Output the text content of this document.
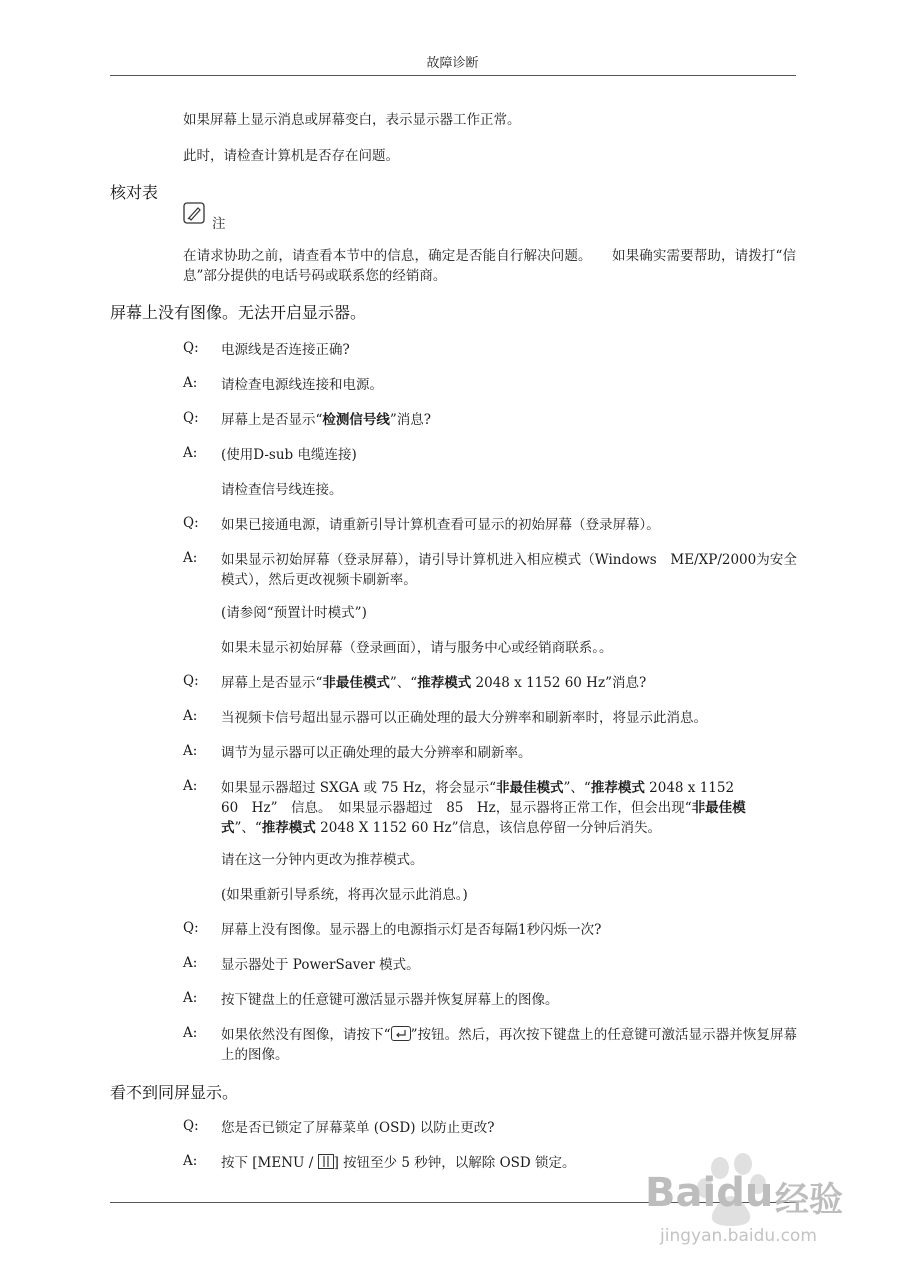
故障诊断
如果屏幕上显示消息或屏幕变白，表示显示器工作正常。
此时，请检查计算机是否存在问题。
核对表
注
在请求协助之前，请查看本节中的信息，确定是否能自行解决问题。　　如果确实需要帮助，请拨打“信息”部分提供的电话号码或联系您的经销商。
屏幕上没有图像。无法开启显示器。
Q:	电源线是否连接正确?
A:	请检查电源线连接和电源。
Q:	屏幕上是否显示“检测信号线”消息?
A:	(使用D-sub 电缆连接)
请检查信号线连接。
Q:	如果已接通电源，请重新引导计算机查看可显示的初始屏幕（登录屏幕）。
A:	如果显示初始屏幕（登录屏幕），请引导计算机进入相应模式（Windows　ME/XP/2000为安全模式），然后更改视频卡刷新率。
(请参阅“预置计时模式”)
如果未显示初始屏幕（登录画面），请与服务中心或经销商联系。。
Q:	屏幕上是否显示“非最佳模式”、“推荐模式 2048 x 1152 60 Hz”消息?
A:	当视频卡信号超出显示器可以正确处理的最大分辨率和刷新率时，将显示此消息。
A:	调节为显示器可以正确处理的最大分辨率和刷新率。
A:	如果显示器超过 SXGA 或 75 Hz，将会显示“非最佳模式”、“推荐模式 2048 x 1152
60　Hz”　信息。　如果显示器超过　85　Hz，显示器将正常工作，但会出现“非最佳模
式”、“推荐模式 2048 X 1152 60 Hz”信息，该信息停留一分钟后消失。
请在这一分钟内更改为推荐模式。
(如果重新引导系统，将再次显示此消息。)
Q:	屏幕上没有图像。显示器上的电源指示灯是否每隔1秒闪烁一次?
A:	显示器处于 PowerSaver 模式。
A:	按下键盘上的任意键可激活显示器并恢复屏幕上的图像。
A:	如果依然没有图像，请按下“ ”按钮。然后，再次按下键盘上的任意键可激活显示器并恢复屏幕上的图像。
看不到同屏显示。
Q:	您是否已锁定了屏幕菜单 (OSD) 以防止更改?
A:	按下 [MENU /
] 按钮至少 5 秒钟，以解除 OSD 锁定。
Baidu 经验
jingyan.baidu.com
